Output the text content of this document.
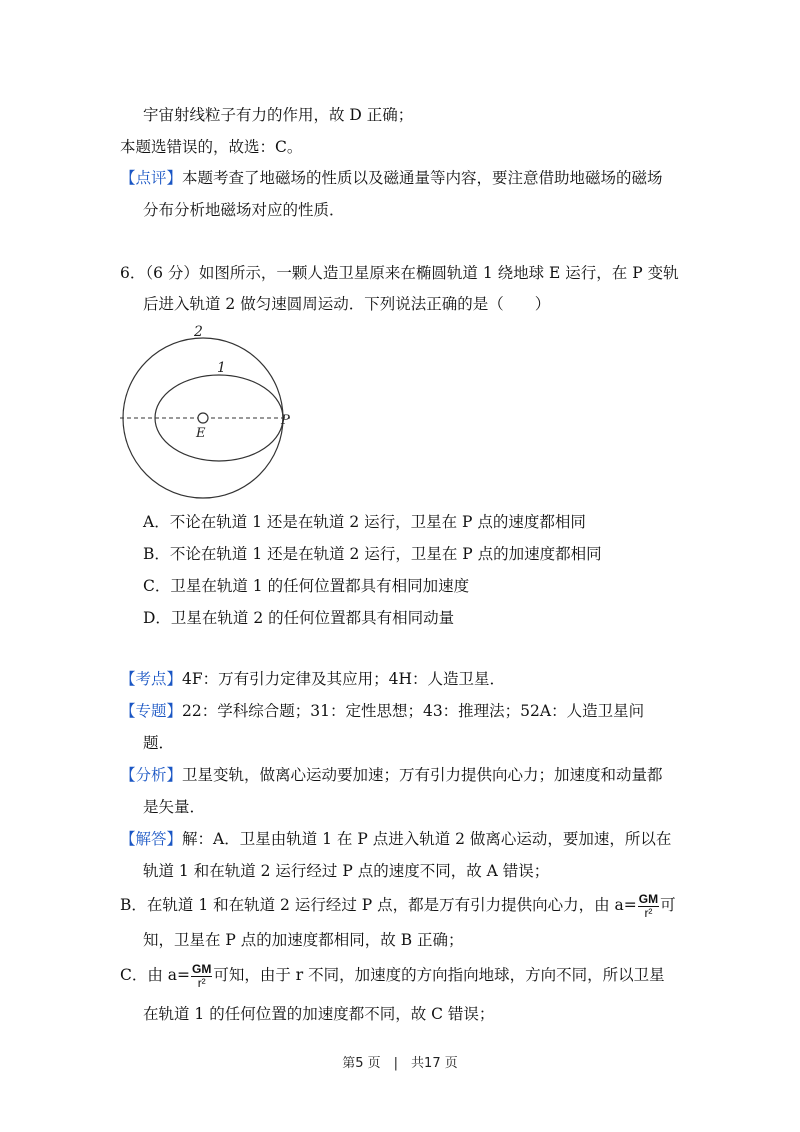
宇宙射线粒子有力的作用，故 D 正确；
本题选错误的，故选：C。
【点评】本题考查了地磁场的性质以及磁通量等内容，要注意借助地磁场的磁场
分布分析地磁场对应的性质．
6．（6 分）如图所示，一颗人造卫星原来在椭圆轨道 1 绕地球 E 运行，在 P 变轨
后进入轨道 2 做匀速圆周运动．下列说法正确的是（　　）
2
1
E
P
A．不论在轨道 1 还是在轨道 2 运行，卫星在 P 点的速度都相同
B．不论在轨道 1 还是在轨道 2 运行，卫星在 P 点的加速度都相同
C．卫星在轨道 1 的任何位置都具有相同加速度
D．卫星在轨道 2 的任何位置都具有相同动量
【考点】4F：万有引力定律及其应用；4H：人造卫星．
【专题】22：学科综合题；31：定性思想；43：推理法；52A：人造卫星问
题．
【分析】卫星变轨，做离心运动要加速；万有引力提供向心力；加速度和动量都
是矢量．
【解答】解：A．卫星由轨道 1 在 P 点进入轨道 2 做离心运动，要加速，所以在
轨道 1 和在轨道 2 运行经过 P 点的速度不同，故 A 错误；
B．在轨道 1 和在轨道 2 运行经过 P 点，都是万有引力提供向心力，由 $a= \frac{GM}{\text{r²}}$ 可
知，卫星在 P 点的加速度都相同，故 B 正确；
C．由 $a= \frac{GM}{\text{r²}}$ 可知，由于 r 不同，加速度的方向指向地球，方向不同，所以卫星
在轨道 1 的任何位置的加速度都不同，故 C 错误；
第5 页　|　共17 页
